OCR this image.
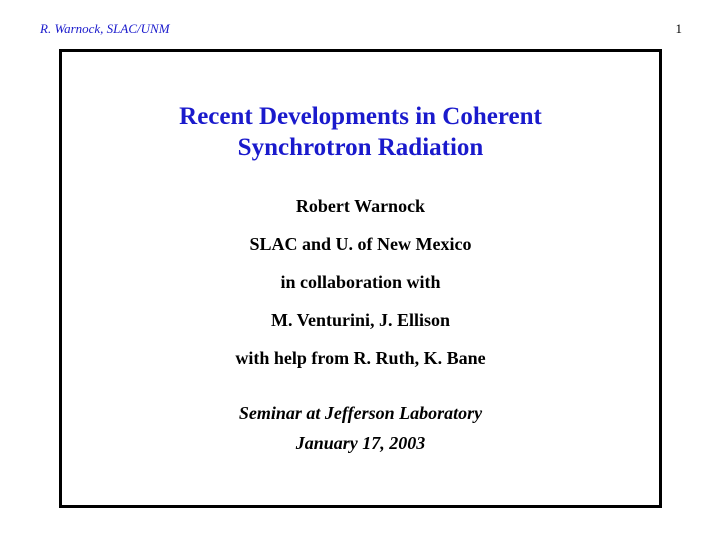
R. Warnock, SLAC/UNM	1
Recent Developments in Coherent
Synchrotron Radiation
Robert Warnock
SLAC and U. of New Mexico
in collaboration with
M. Venturini, J. Ellison
with help from R. Ruth, K. Bane
Seminar at Jefferson Laboratory
January 17, 2003
